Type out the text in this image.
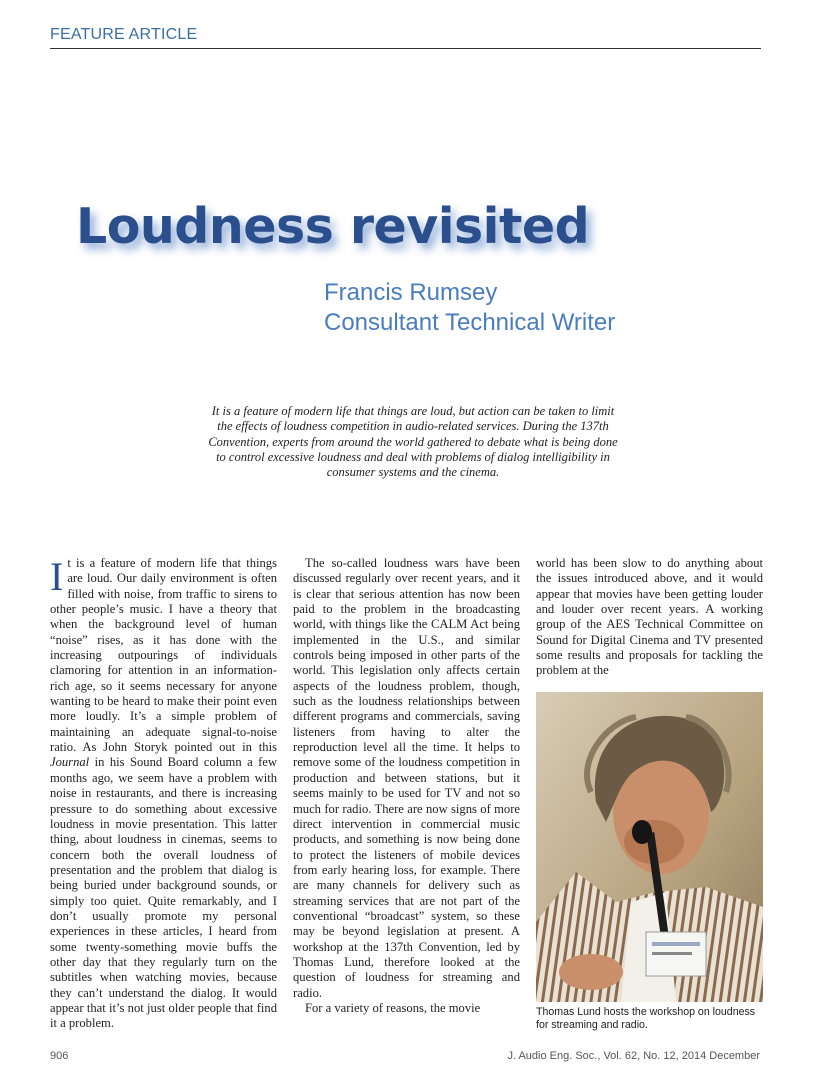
FEATURE ARTICLE
Loudness revisited
Francis Rumsey
Consultant Technical Writer
It is a feature of modern life that things are loud, but action can be taken to limit the effects of loudness competition in audio-related services. During the 137th Convention, experts from around the world gathered to debate what is being done to control excessive loudness and deal with problems of dialog intelligibility in consumer systems and the cinema.

It is a feature of modern life that things are loud. Our daily environment is often filled with noise, from traffic to sirens to other people’s music. I have a theory that when the background level of human “noise” rises, as it has done with the increasing outpourings of individuals clamoring for attention in an information-rich age, so it seems necessary for anyone wanting to be heard to make their point even more loudly. It’s a simple problem of maintaining an adequate signal-to-noise ratio. As John Storyk pointed out in this Journal in his Sound Board column a few months ago, we seem have a problem with noise in restaurants, and there is increasing pressure to do something about excessive loudness in movie presentation. This latter thing, about loudness in cinemas, seems to concern both the overall loudness of presentation and the problem that dialog is being buried under background sounds, or simply too quiet. Quite remarkably, and I don’t usually promote my personal experiences in these articles, I heard from some twenty-something movie buffs the other day that they regularly turn on the subtitles when watching movies, because they can’t understand the dialog. It would appear that it’s not just older people that find it a problem.

The so-called loudness wars have been discussed regularly over recent years, and it is clear that serious attention has now been paid to the problem in the broadcasting world, with things like the CALM Act being implemented in the U.S., and similar controls being imposed in other parts of the world. This legislation only affects certain aspects of the loudness problem, though, such as the loudness relationships between different programs and commercials, saving listeners from having to alter the reproduction level all the time. It helps to remove some of the loudness competition in production and between stations, but it seems mainly to be used for TV and not so much for radio. There are now signs of more direct intervention in commercial music products, and something is now being done to protect the listeners of mobile devices from early hearing loss, for example. There are many channels for delivery such as streaming services that are not part of the conventional “broadcast” system, so these may be beyond legislation at present. A workshop at the 137th Convention, led by Thomas Lund, therefore looked at the question of loudness for streaming and radio.

For a variety of reasons, the movie

world has been slow to do anything about the issues introduced above, and it would appear that movies have been getting louder and louder over recent years. A working group of the AES Technical Committee on Sound for Digital Cinema and TV presented some results and proposals for tackling the problem at the

Thomas Lund hosts the workshop on loudness for streaming and radio.
906	J. Audio Eng. Soc., Vol. 62, No. 12, 2014 December
